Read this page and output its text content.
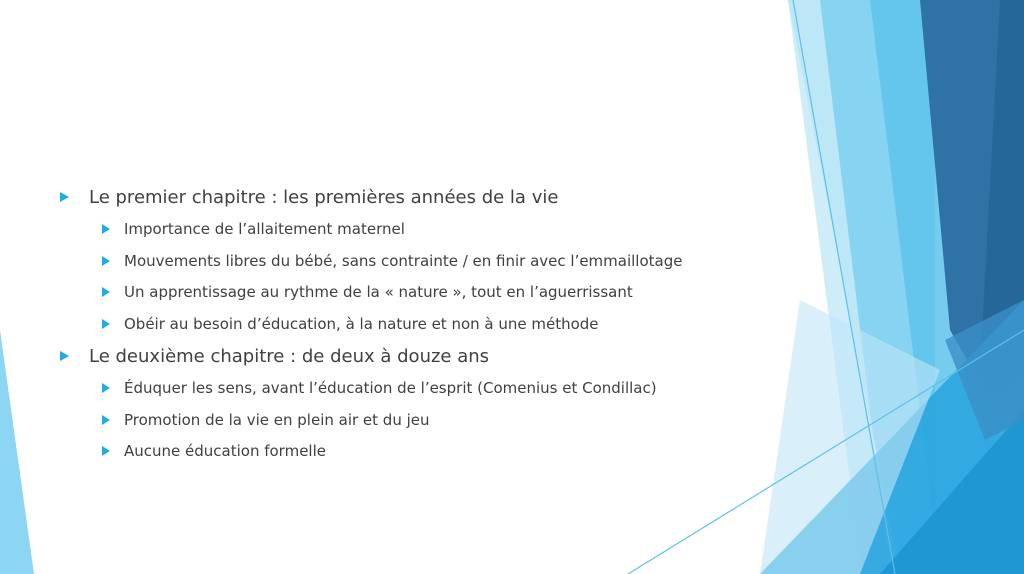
Le premier chapitre : les premières années de la vie
Importance de l’allaitement maternel
Mouvements libres du bébé, sans contrainte / en finir avec l’emmaillotage
Un apprentissage au rythme de la « nature », tout en l’aguerrissant
Obéir au besoin d’éducation, à la nature et non à une méthode
Le deuxième chapitre : de deux à douze ans
Éduquer les sens, avant l’éducation de l’esprit (Comenius et Condillac)
Promotion de la vie en plein air et du jeu
Aucune éducation formelle
